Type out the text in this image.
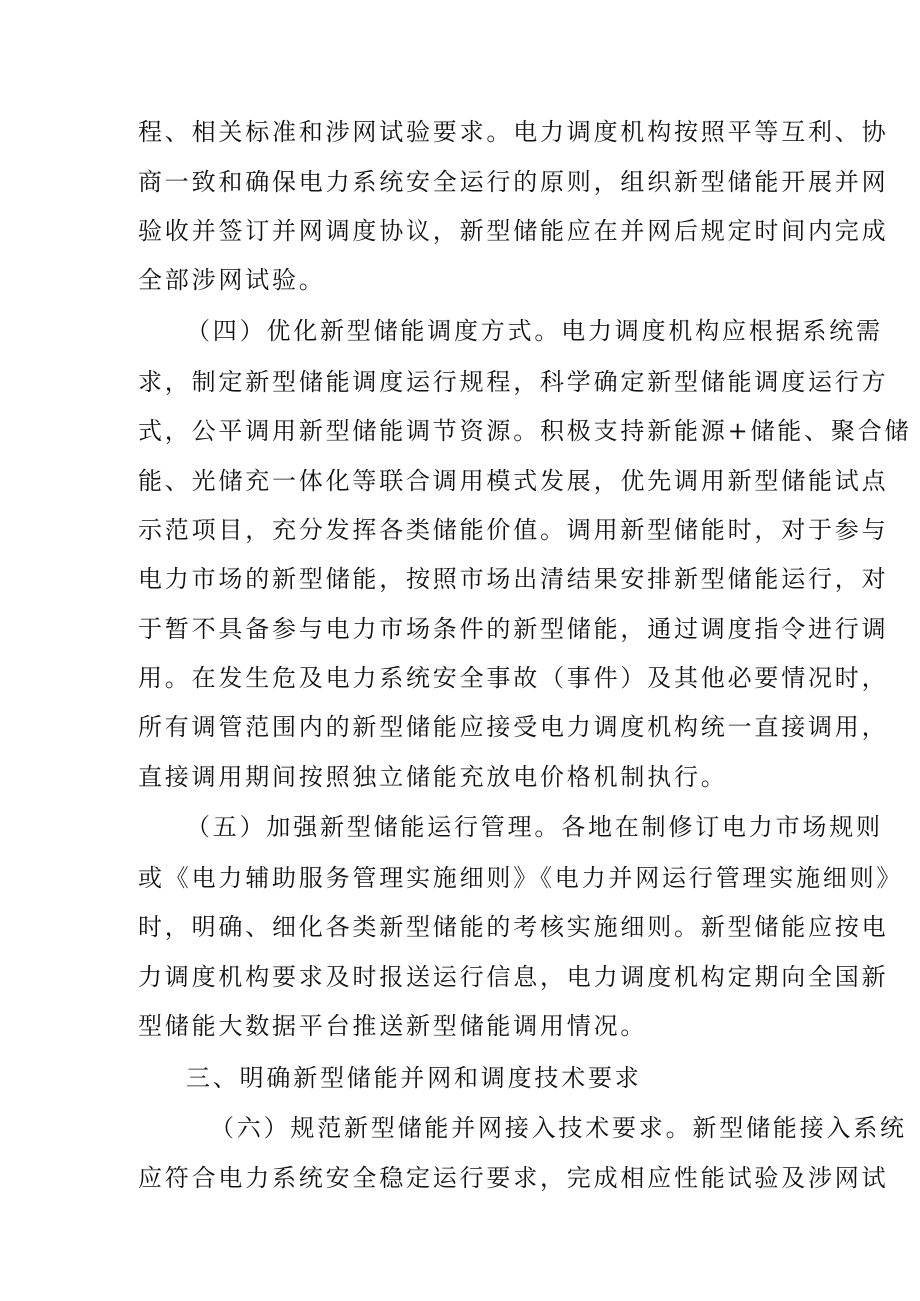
程、相关标准和涉网试验要求。电力调度机构按照平等互利、协
商一致和确保电力系统安全运行的原则，组织新型储能开展并网
验收并签订并网调度协议，新型储能应在并网后规定时间内完成
全部涉网试验。
（四）优化新型储能调度方式。电力调度机构应根据系统需
求，制定新型储能调度运行规程，科学确定新型储能调度运行方
式，公平调用新型储能调节资源。积极支持新能源+储能、聚合储
能、光储充一体化等联合调用模式发展，优先调用新型储能试点
示范项目，充分发挥各类储能价值。调用新型储能时，对于参与
电力市场的新型储能，按照市场出清结果安排新型储能运行，对
于暂不具备参与电力市场条件的新型储能，通过调度指令进行调
用。在发生危及电力系统安全事故（事件）及其他必要情况时，
所有调管范围内的新型储能应接受电力调度机构统一直接调用，
直接调用期间按照独立储能充放电价格机制执行。
（五）加强新型储能运行管理。各地在制修订电力市场规则
或《电力辅助服务管理实施细则》《电力并网运行管理实施细则》
时，明确、细化各类新型储能的考核实施细则。新型储能应按电
力调度机构要求及时报送运行信息，电力调度机构定期向全国新
型储能大数据平台推送新型储能调用情况。
三、明确新型储能并网和调度技术要求
（六）规范新型储能并网接入技术要求。新型储能接入系统
应符合电力系统安全稳定运行要求，完成相应性能试验及涉网试
